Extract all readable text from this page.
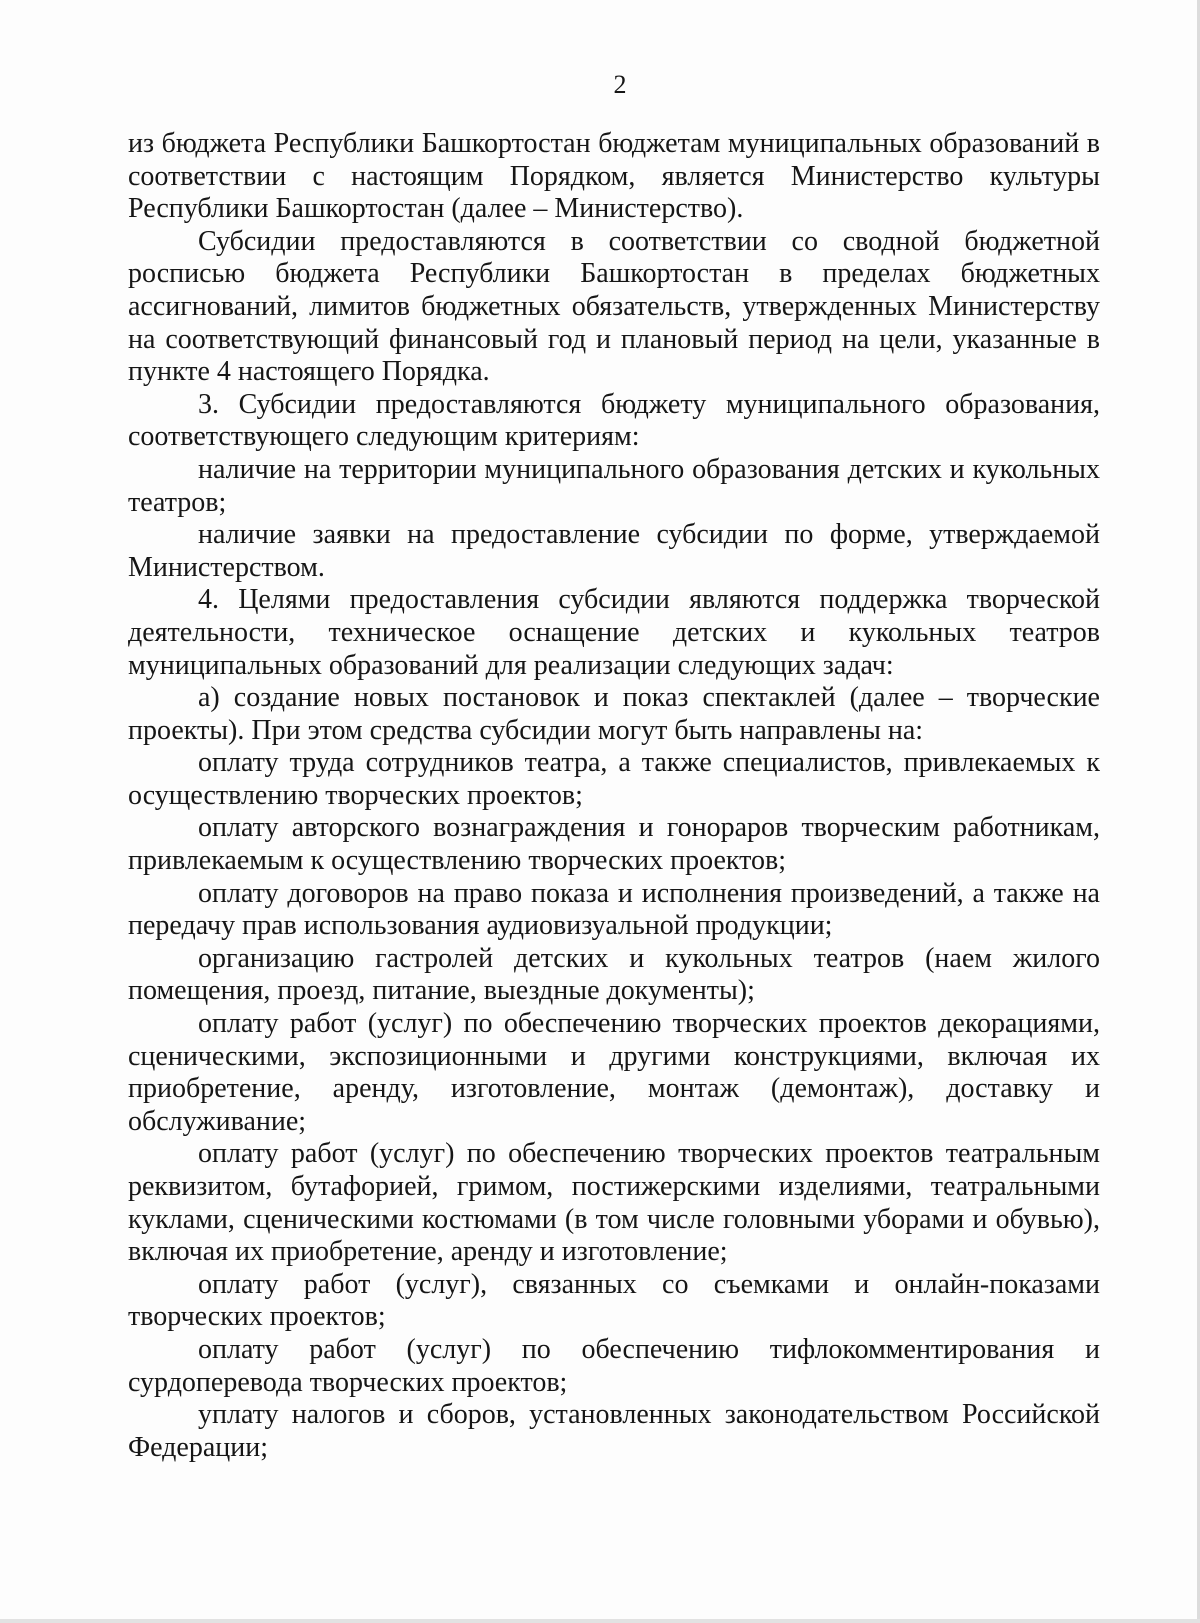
2

из бюджета Республики Башкортостан бюджетам муниципальных образований в соответствии с настоящим Порядком, является Министерство культуры Республики Башкортостан (далее – Министерство).

Субсидии предоставляются в соответствии со сводной бюджетной росписью бюджета Республики Башкортостан в пределах бюджетных ассигнований, лимитов бюджетных обязательств, утвержденных Министерству на соответствующий финансовый год и плановый период на цели, указанные в пункте 4 настоящего Порядка.

3. Субсидии предоставляются бюджету муниципального образования, соответствующего следующим критериям:

наличие на территории муниципального образования детских и кукольных театров;

наличие заявки на предоставление субсидии по форме, утверждаемой Министерством.

4. Целями предоставления субсидии являются поддержка творческой деятельности, техническое оснащение детских и кукольных театров муниципальных образований для реализации следующих задач:

а) создание новых постановок и показ спектаклей (далее – творческие проекты). При этом средства субсидии могут быть направлены на:

оплату труда сотрудников театра, а также специалистов, привлекаемых к осуществлению творческих проектов;

оплату авторского вознаграждения и гонораров творческим работникам, привлекаемым к осуществлению творческих проектов;

оплату договоров на право показа и исполнения произведений, а также на передачу прав использования аудиовизуальной продукции;

организацию гастролей детских и кукольных театров (наем жилого помещения, проезд, питание, выездные документы);

оплату работ (услуг) по обеспечению творческих проектов декорациями, сценическими, экспозиционными и другими конструкциями, включая их приобретение, аренду, изготовление, монтаж (демонтаж), доставку и обслуживание;

оплату работ (услуг) по обеспечению творческих проектов театральным реквизитом, бутафорией, гримом, постижерскими изделиями, театральными куклами, сценическими костюмами (в том числе головными уборами и обувью), включая их приобретение, аренду и изготовление;

оплату работ (услуг), связанных со съемками и онлайн-показами творческих проектов;

оплату работ (услуг) по обеспечению тифлокомментирования и сурдоперевода творческих проектов;

уплату налогов и сборов, установленных законодательством Российской Федерации;
